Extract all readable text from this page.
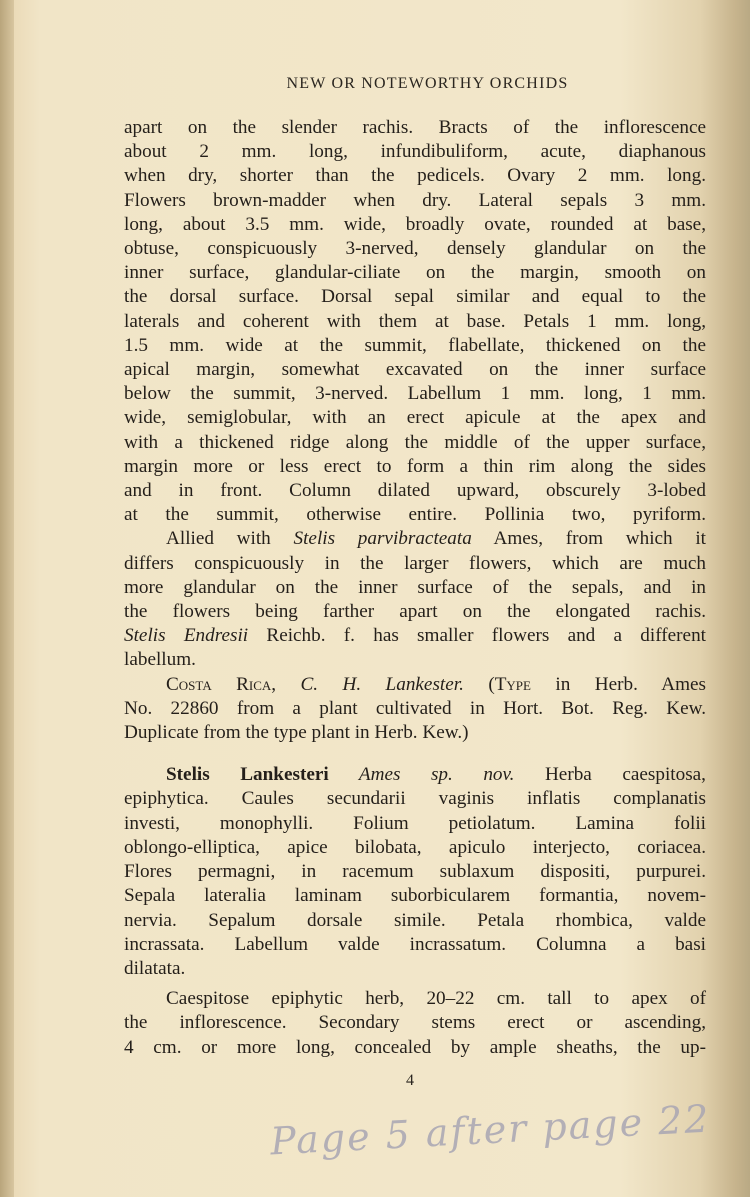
NEW OR NOTEWORTHY ORCHIDS
apart on the slender rachis. Bracts of the inflorescence
about 2 mm. long, infundibuliform, acute, diaphanous
when dry, shorter than the pedicels. Ovary 2 mm. long.
Flowers brown-madder when dry. Lateral sepals 3 mm.
long, about 3.5 mm. wide, broadly ovate, rounded at base,
obtuse, conspicuously 3-nerved, densely glandular on the
inner surface, glandular-ciliate on the margin, smooth on
the dorsal surface. Dorsal sepal similar and equal to the
laterals and coherent with them at base. Petals 1 mm. long,
1.5 mm. wide at the summit, flabellate, thickened on the
apical margin, somewhat excavated on the inner surface
below the summit, 3-nerved. Labellum 1 mm. long, 1 mm.
wide, semiglobular, with an erect apicule at the apex and
with a thickened ridge along the middle of the upper surface,
margin more or less erect to form a thin rim along the sides
and in front. Column dilated upward, obscurely 3-lobed
at the summit, otherwise entire. Pollinia two, pyriform.
Allied with Stelis parvibracteata Ames, from which it
differs conspicuously in the larger flowers, which are much
more glandular on the inner surface of the sepals, and in
the flowers being farther apart on the elongated rachis.
Stelis Endresii Reichb. f. has smaller flowers and a different
labellum.
Costa Rica, C. H. Lankester. (Type in Herb. Ames
No. 22860 from a plant cultivated in Hort. Bot. Reg. Kew.
Duplicate from the type plant in Herb. Kew.)
Stelis Lankesteri Ames sp. nov. Herba caespitosa,
epiphytica. Caules secundarii vaginis inflatis complanatis
investi, monophylli. Folium petiolatum. Lamina folii
oblongo-elliptica, apice bilobata, apiculo interjecto, coriacea.
Flores permagni, in racemum sublaxum dispositi, purpurei.
Sepala lateralia laminam suborbicularem formantia, novem-
nervia. Sepalum dorsale simile. Petala rhombica, valde
incrassata. Labellum valde incrassatum. Columna a basi
dilatata.
Caespitose epiphytic herb, 20–22 cm. tall to apex of
the inflorescence. Secondary stems erect or ascending,
4 cm. or more long, concealed by ample sheaths, the up-
4
Page 5 after page 22
